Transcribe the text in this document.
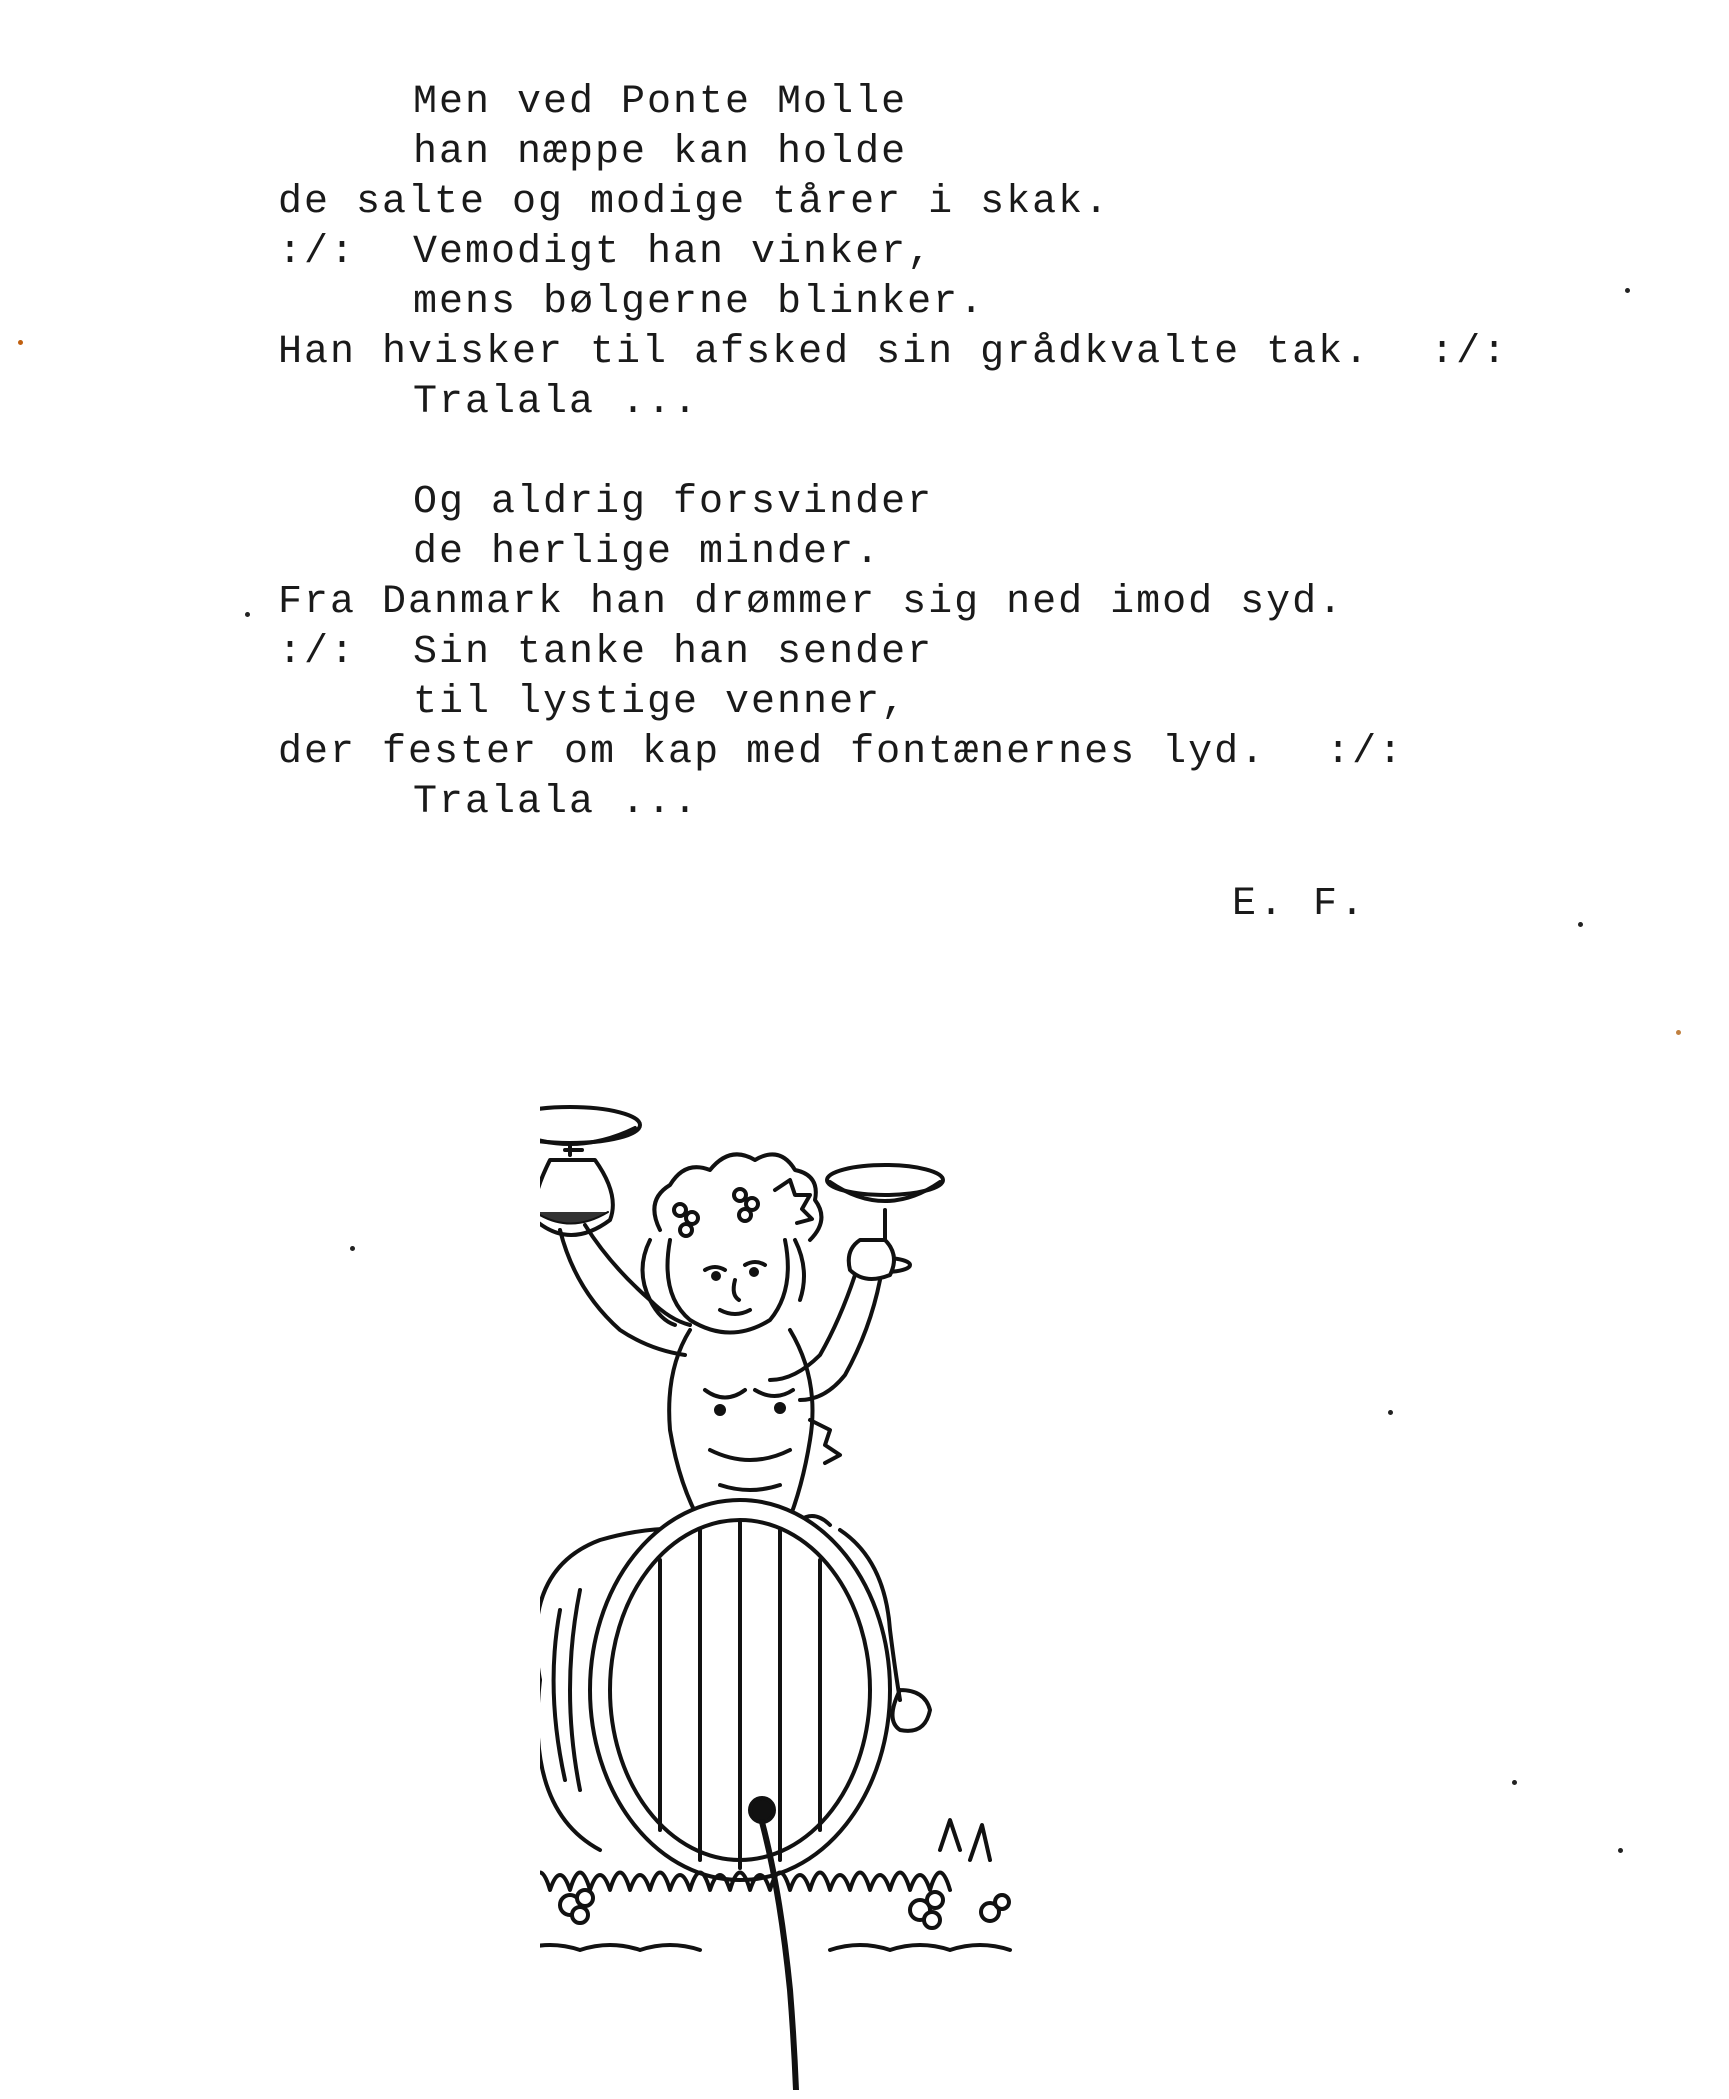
Men ved Ponte Molle
han næppe kan holde
de salte og modige tårer i skak.
:/: Vemodigt han vinker,
mens bølgerne blinker.
Han hvisker til afsked sin grådkvalte tak. :/:
Tralala ...
Og aldrig forsvinder
de herlige minder.
Fra Danmark han drømmer sig ned imod syd.
:/: Sin tanke han sender
til lystige venner,
der fester om kap med fontænernes lyd. :/:
Tralala ...
E. F.
